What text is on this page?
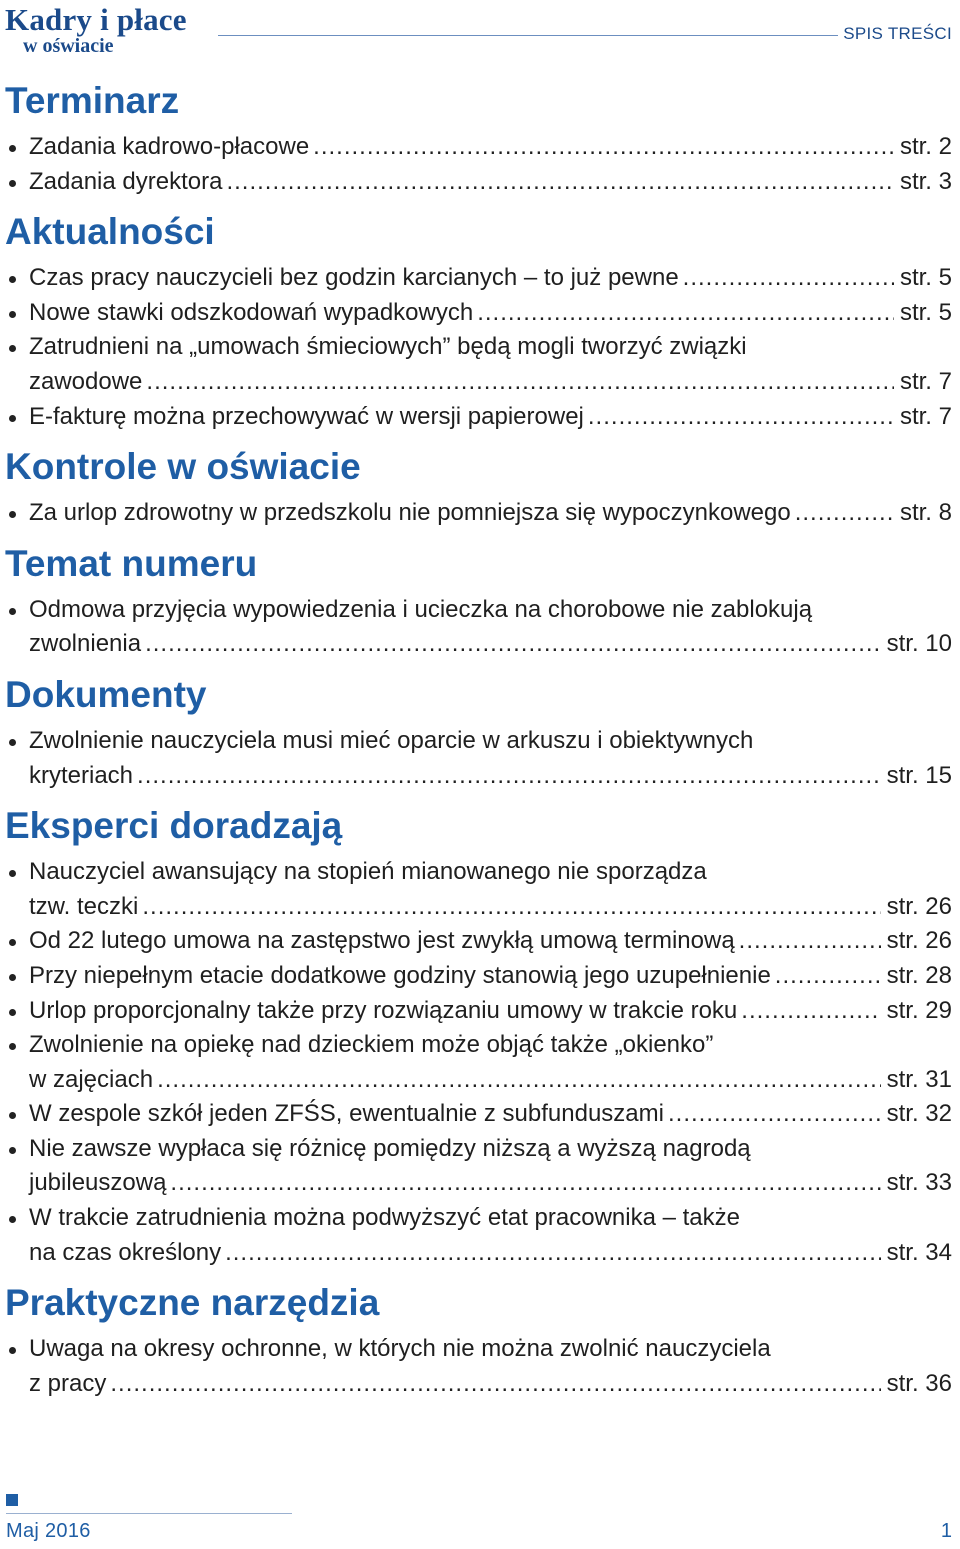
Kadry i płace
w oświacie
SPIS TREŚCI
Terminarz
Zadania kadrowo-płacowe .....	str. 2
Zadania dyrektora .....	str. 3
Aktualności
Czas pracy nauczycieli bez godzin karcianych – to już pewne .....	str. 5
Nowe stawki odszkodowań wypadkowych .....	str. 5
Zatrudnieni na „umowach śmieciowych” będą mogli tworzyć związki
zawodowe .....	str. 7
E-fakturę można przechowywać w wersji papierowej .....	str. 7
Kontrole w oświacie
Za urlop zdrowotny w przedszkolu nie pomniejsza się wypoczynkowego .....	str. 8
Temat numeru
Odmowa przyjęcia wypowiedzenia i ucieczka na chorobowe nie zablokują
zwolnienia .....	str. 10
Dokumenty
Zwolnienie nauczyciela musi mieć oparcie w arkuszu i obiektywnych
kryteriach .....	str. 15
Eksperci doradzają
Nauczyciel awansujący na stopień mianowanego nie sporządza
tzw. teczki .....	str. 26
Od 22 lutego umowa na zastępstwo jest zwykłą umową terminową .....	str. 26
Przy niepełnym etacie dodatkowe godziny stanowią jego uzupełnienie .....	str. 28
Urlop proporcjonalny także przy rozwiązaniu umowy w trakcie roku .....	str. 29
Zwolnienie na opiekę nad dzieckiem może objąć także „okienko”
w zajęciach .....	str. 31
W zespole szkół jeden ZFŚS, ewentualnie z subfunduszami .....	str. 32
Nie zawsze wypłaca się różnicę pomiędzy niższą a wyższą nagrodą
jubileuszową .....	str. 33
W trakcie zatrudnienia można podwyższyć etat pracownika – także
na czas określony .....	str. 34
Praktyczne narzędzia
Uwaga na okresy ochronne, w których nie można zwolnić nauczyciela
z pracy .....	str. 36
Maj 2016	1
